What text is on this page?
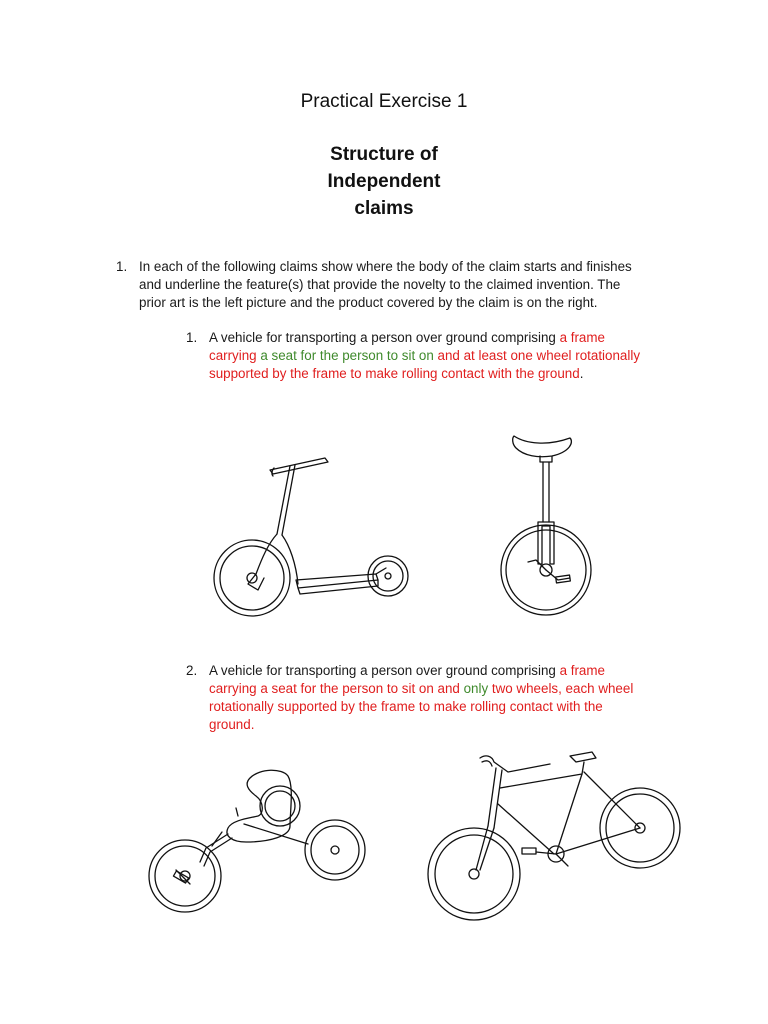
Practical Exercise 1
Structure of
Independent
claims
1. In each of the following claims show where the body of the claim starts and finishes
and underline the feature(s) that provide the novelty to the claimed invention. The
prior art is the left picture and the product covered by the claim is on the right.
1. A vehicle for transporting a person over ground comprising a frame
carrying a seat for the person to sit on and at least one wheel rotationally
supported by the frame to make rolling contact with the ground.
2. A vehicle for transporting a person over ground comprising a frame
carrying a seat for the person to sit on and only two wheels, each wheel
rotationally supported by the frame to make rolling contact with the
ground.
